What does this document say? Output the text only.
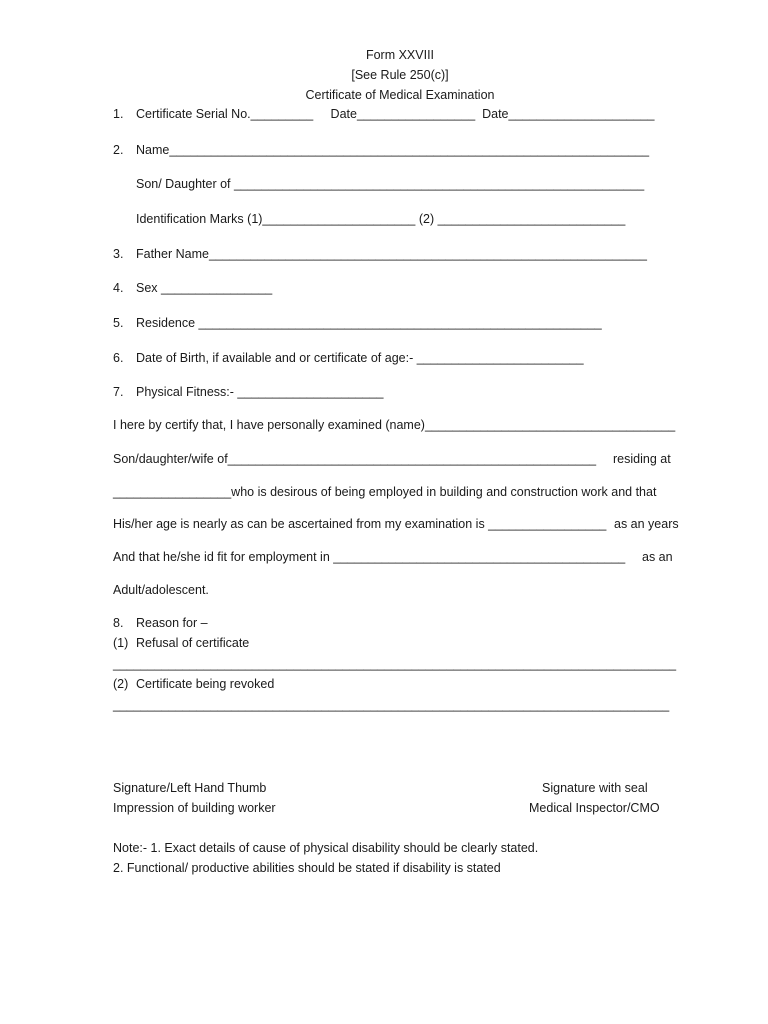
Form XXVIII
[See Rule 250(c)]
Certificate of Medical Examination
1. Certificate Serial No._________     Date_________________  Date_____________________
2. Name_____________________________________________________________________
Son/ Daughter of ___________________________________________________________
Identification Marks (1)______________________ (2) ___________________________
3. Father Name_______________________________________________________________
4. Sex ________________
5. Residence __________________________________________________________
6. Date of Birth, if available and or certificate of age:- ________________________
7. Physical Fitness:- _____________________
I here by certify that, I have personally examined (name)____________________________________
Son/daughter/wife of_____________________________________________________ residing at
_________________who is desirous of being employed in building and construction work and that
His/her age is nearly as can be ascertained from my examination is _________________ as an years
And that he/she id fit for employment in __________________________________________ as an
Adult/adolescent.
8. Reason for –
(1) Refusal of certificate
_________________________________________________________________________________
(2) Certificate being revoked
________________________________________________________________________________
Signature/Left Hand Thumb
Impression of building worker
Signature with seal
Medical Inspector/CMO
Note:- 1. Exact details of cause of physical disability should be clearly stated.
2. Functional/ productive abilities should be stated if disability is stated
